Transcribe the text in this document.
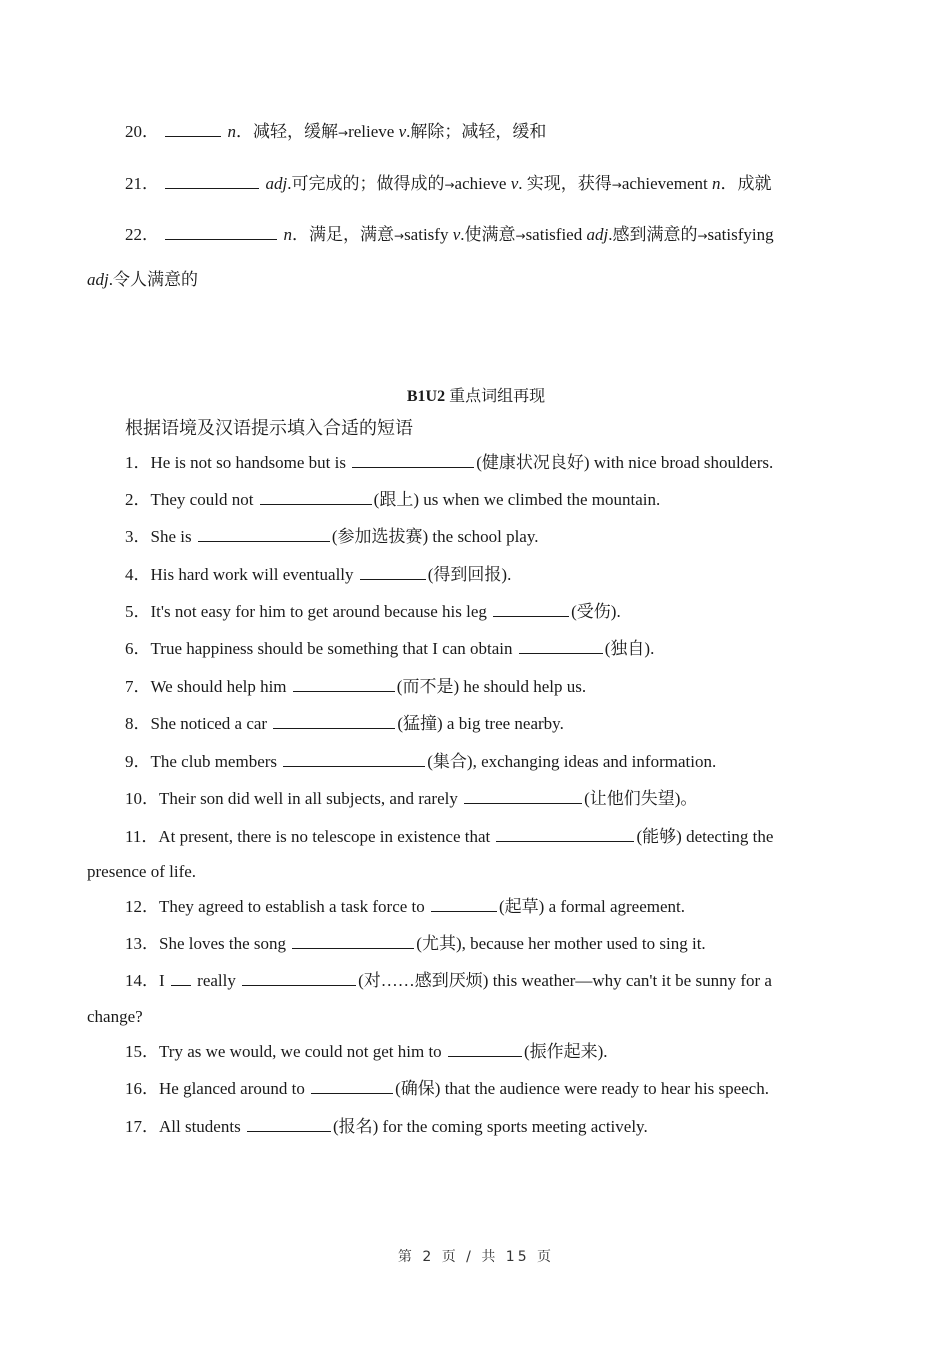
20．	n．减轻，缓解→relieve v.解除；减轻，缓和
21．	adj.可完成的；做得成的→achieve v. 实现，获得→achievement n．成就
22．	n．满足，满意→satisfy v.使满意→satisfied adj.感到满意的→satisfying
adj.令人满意的
B1U2 重点词组再现
根据语境及汉语提示填入合适的短语
1．He is not so handsome but is	(健康状况良好) with nice broad shoulders.
2．They could not	(跟上) us when we climbed the mountain.
3．She is	(参加选拔赛) the school play.
4．His hard work will eventually	(得到回报).
5．It's not easy for him to get around because his leg	(受伤).
6．True happiness should be something that I can obtain	(独自).
7．We should help him	(而不是) he should help us.
8．She noticed a car	(猛撞) a big tree nearby.
9．The club members	(集合), exchanging ideas and information.
10．Their son did well in all subjects, and rarely	(让他们失望)。
11．At present, there is no telescope in existence that	(能够) detecting the
presence of life.
12．They agreed to establish a task force to	(起草) a formal agreement.
13．She loves the song	(尤其), because her mother used to sing it.
14．I  really	(对……感到厌烦) this weather—why can't it be sunny for a
change?
15．Try as we would, we could not get him to	(振作起来).
16．He glanced around to	(确保) that the audience were ready to hear his speech.
17．All students	(报名) for the coming sports meeting actively.
第 2 页 / 共 15 页
